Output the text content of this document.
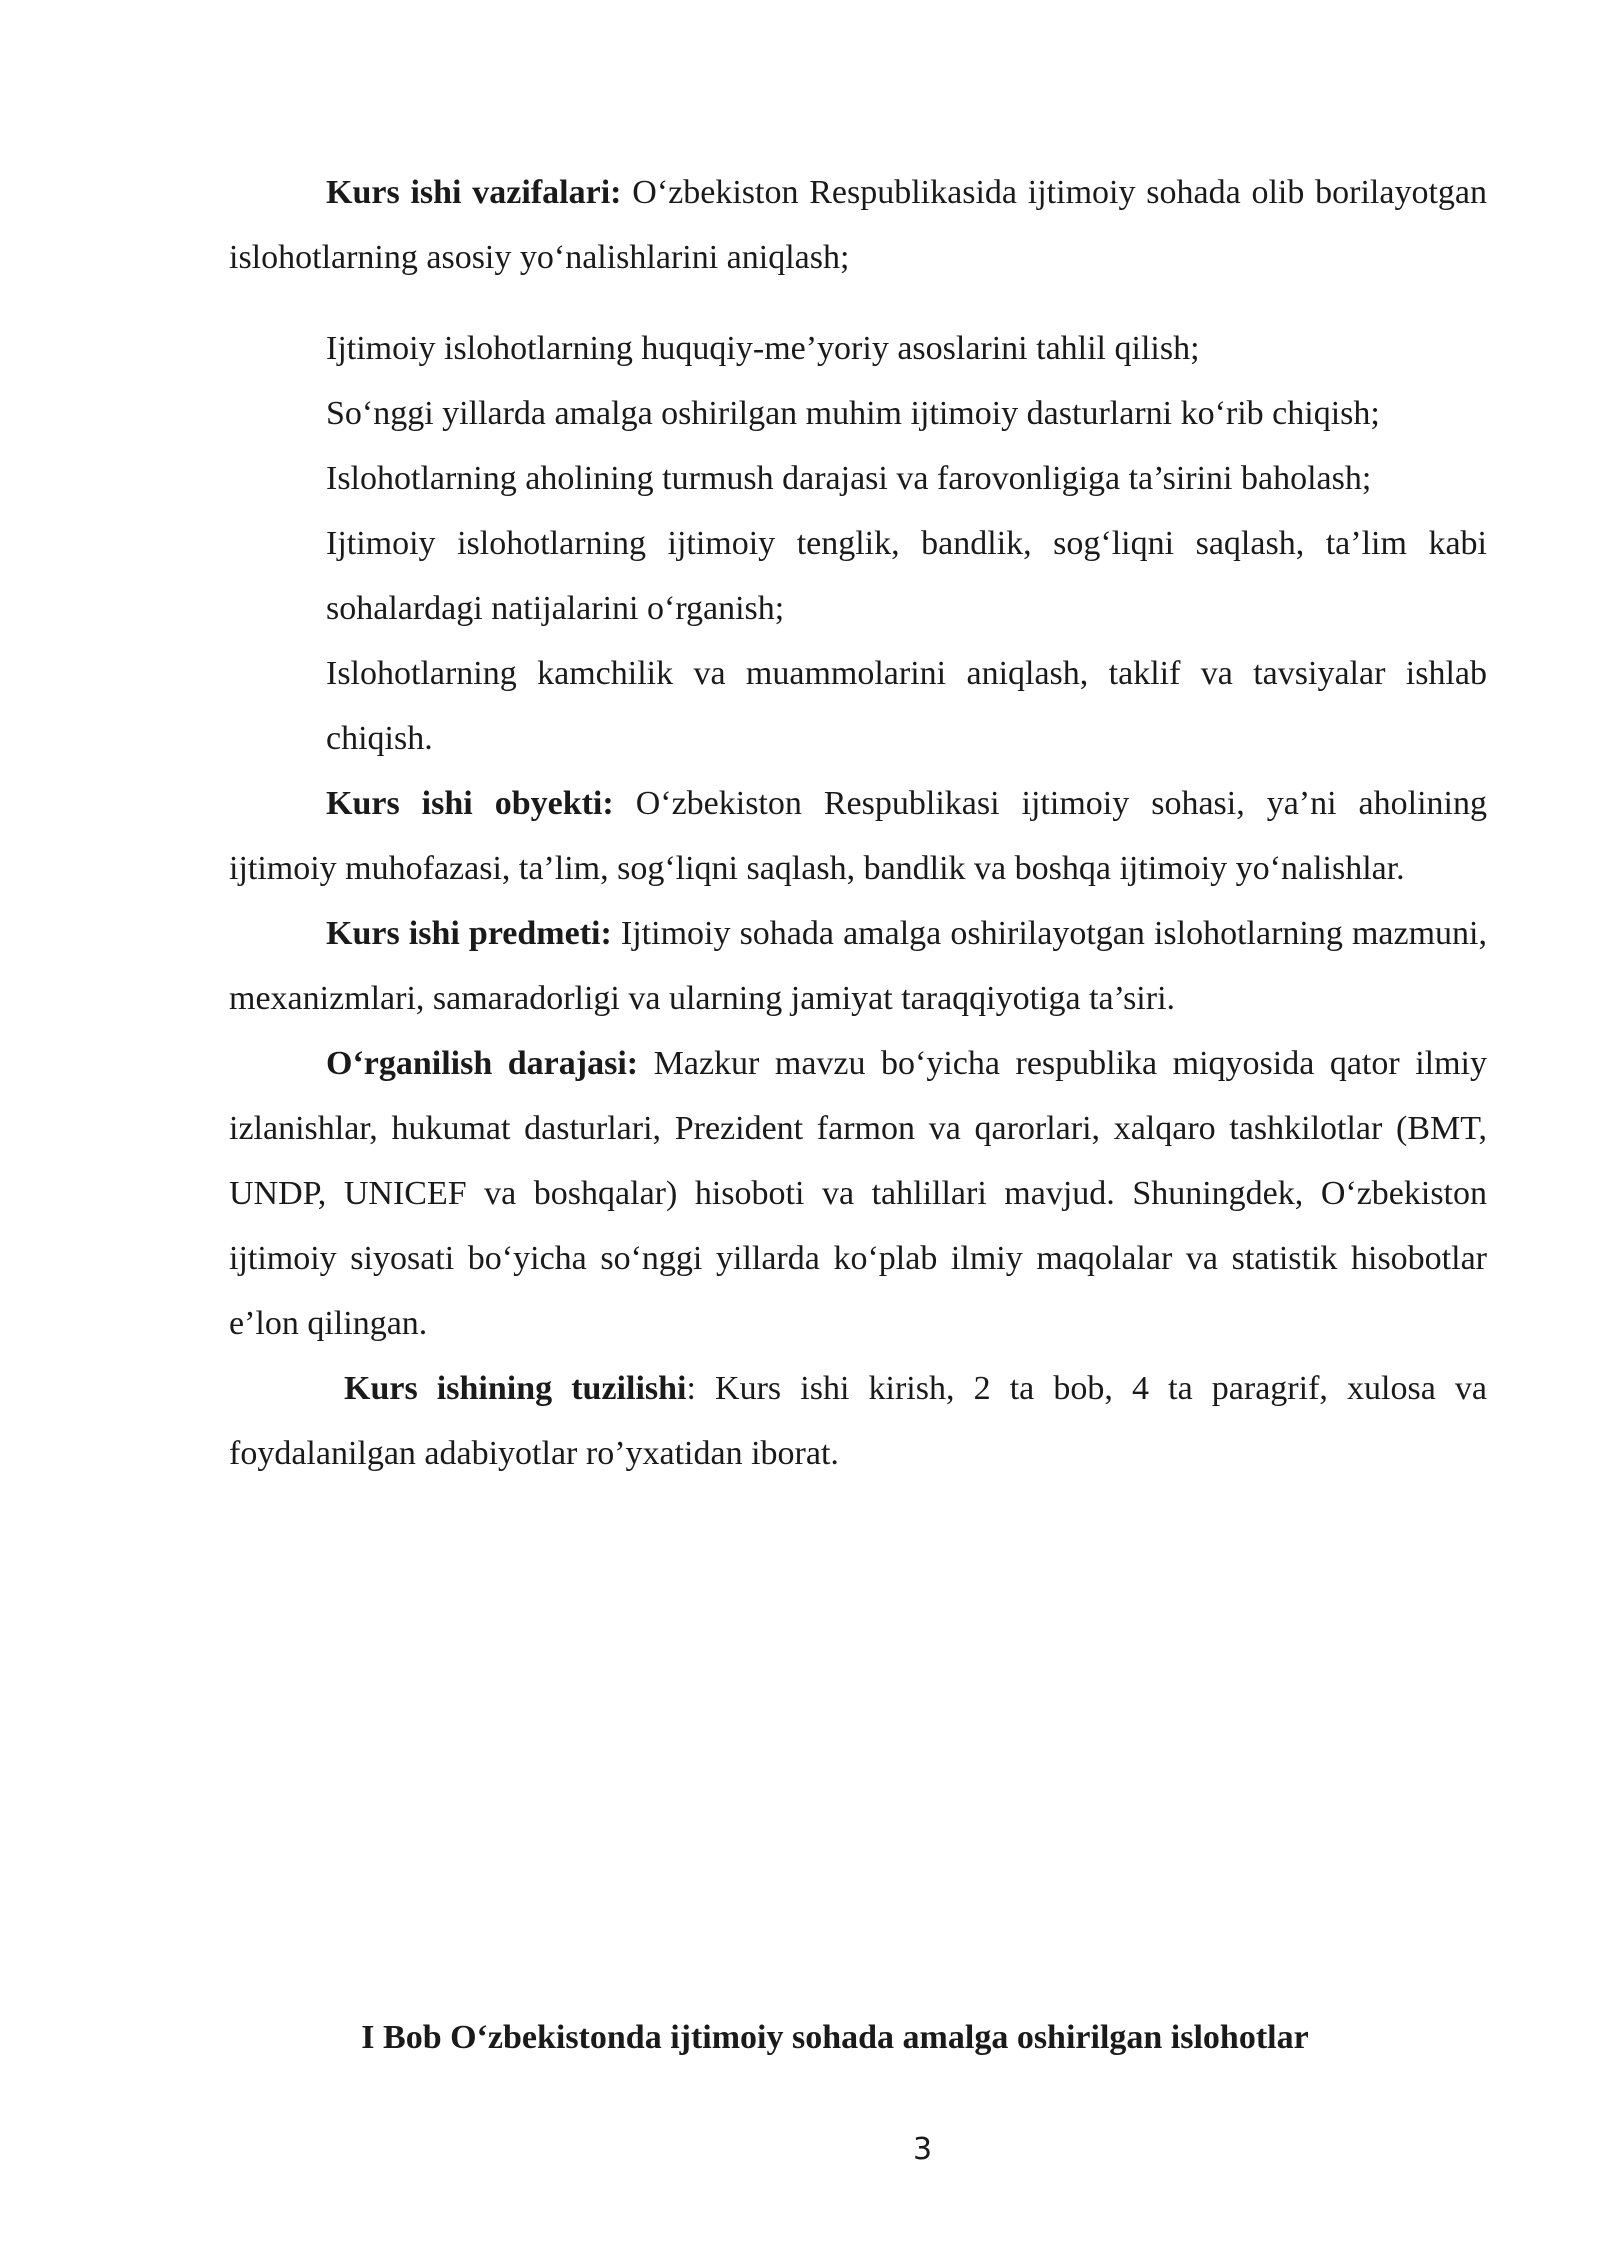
Kurs ishi vazifalari: O‘zbekiston Respublikasida ijtimoiy sohada olib borilayotgan islohotlarning asosiy yo‘nalishlarini aniqlash;

Ijtimoiy islohotlarning huquqiy-me’yoriy asoslarini tahlil qilish;
So‘nggi yillarda amalga oshirilgan muhim ijtimoiy dasturlarni ko‘rib chiqish;
Islohotlarning aholining turmush darajasi va farovonligiga ta’sirini baholash;
Ijtimoiy islohotlarning ijtimoiy tenglik, bandlik, sog‘liqni saqlash, ta’lim kabi sohalardagi natijalarini o‘rganish;
Islohotlarning kamchilik va muammolarini aniqlash, taklif va tavsiyalar ishlab chiqish.

Kurs ishi obyekti: O‘zbekiston Respublikasi ijtimoiy sohasi, ya’ni aholining ijtimoiy muhofazasi, ta’lim, sog‘liqni saqlash, bandlik va boshqa ijtimoiy yo‘nalishlar.

Kurs ishi predmeti: Ijtimoiy sohada amalga oshirilayotgan islohotlarning mazmuni, mexanizmlari, samaradorligi va ularning jamiyat taraqqiyotiga ta’siri.

O‘rganilish darajasi: Mazkur mavzu bo‘yicha respublika miqyosida qator ilmiy izlanishlar, hukumat dasturlari, Prezident farmon va qarorlari, xalqaro tashkilotlar (BMT, UNDP, UNICEF va boshqalar) hisoboti va tahlillari mavjud. Shuningdek, O‘zbekiston ijtimoiy siyosati bo‘yicha so‘nggi yillarda ko‘plab ilmiy maqolalar va statistik hisobotlar e’lon qilingan.

Kurs ishining tuzilishi: Kurs ishi kirish, 2 ta bob, 4 ta paragrif, xulosa va foydalanilgan adabiyotlar ro’yxatidan iborat.

I Bob O‘zbekistonda ijtimoiy sohada amalga oshirilgan islohotlar
3
